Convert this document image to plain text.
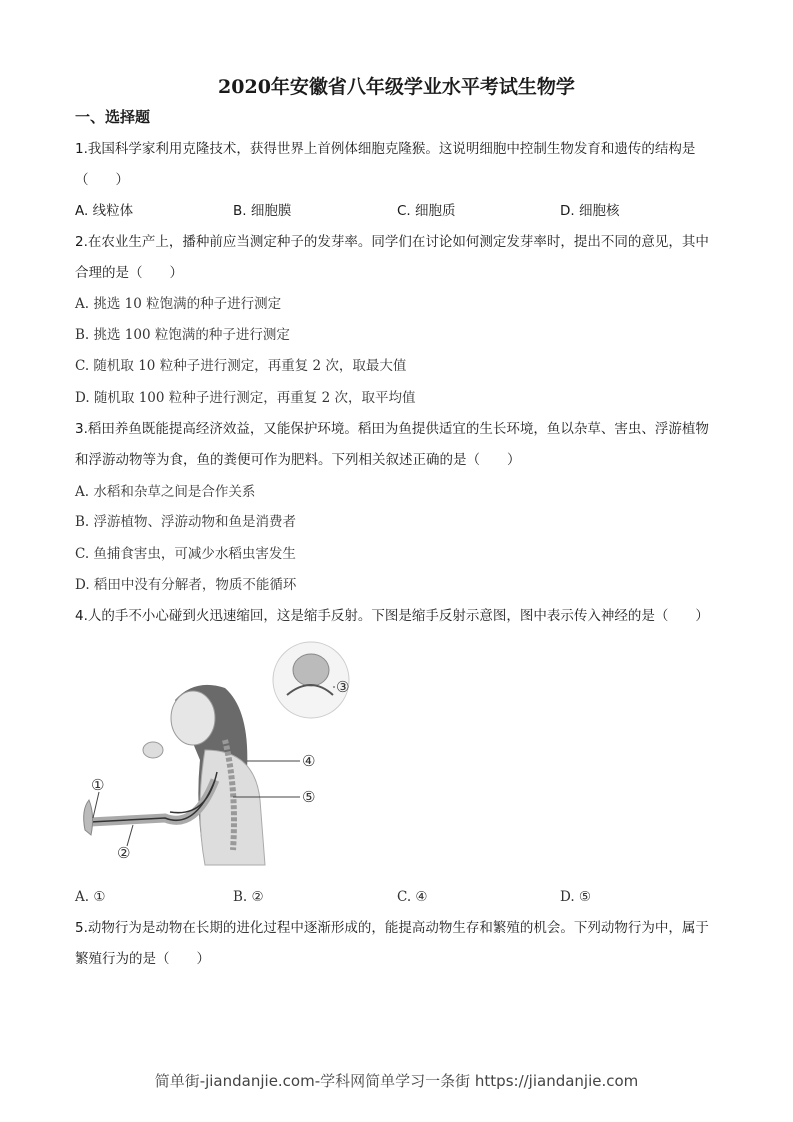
2020年安徽省八年级学业水平考试生物学
一、选择题
1.我国科学家利用克隆技术，获得世界上首例体细胞克隆猴。这说明细胞中控制生物发育和遗传的结构是
（　　）
A. 线粒体	B. 细胞膜	C. 细胞质	D. 细胞核
2.在农业生产上，播种前应当测定种子的发芽率。同学们在讨论如何测定发芽率时，提出不同的意见，其中
合理的是（　　）
A. 挑选 10 粒饱满的种子进行测定
B. 挑选 100 粒饱满的种子进行测定
C. 随机取 10 粒种子进行测定，再重复 2 次，取最大值
D. 随机取 100 粒种子进行测定，再重复 2 次，取平均值
3.稻田养鱼既能提高经济效益，又能保护环境。稻田为鱼提供适宜的生长环境，鱼以杂草、害虫、浮游植物
和浮游动物等为食，鱼的粪便可作为肥料。下列相关叙述正确的是（　　）
A. 水稻和杂草之间是合作关系
B. 浮游植物、浮游动物和鱼是消费者
C. 鱼捕食害虫，可减少水稻虫害发生
D. 稻田中没有分解者，物质不能循环
4.人的手不小心碰到火迅速缩回，这是缩手反射。下图是缩手反射示意图，图中表示传入神经的是（　　）
①
②
③
④
⑤
A. ①	B. ②	C. ④	D. ⑤
5.动物行为是动物在长期的进化过程中逐渐形成的，能提高动物生存和繁殖的机会。下列动物行为中，属于
繁殖行为的是（　　）
简单街-jiandanjie.com-学科网简单学习一条街 https://jiandanjie.com
